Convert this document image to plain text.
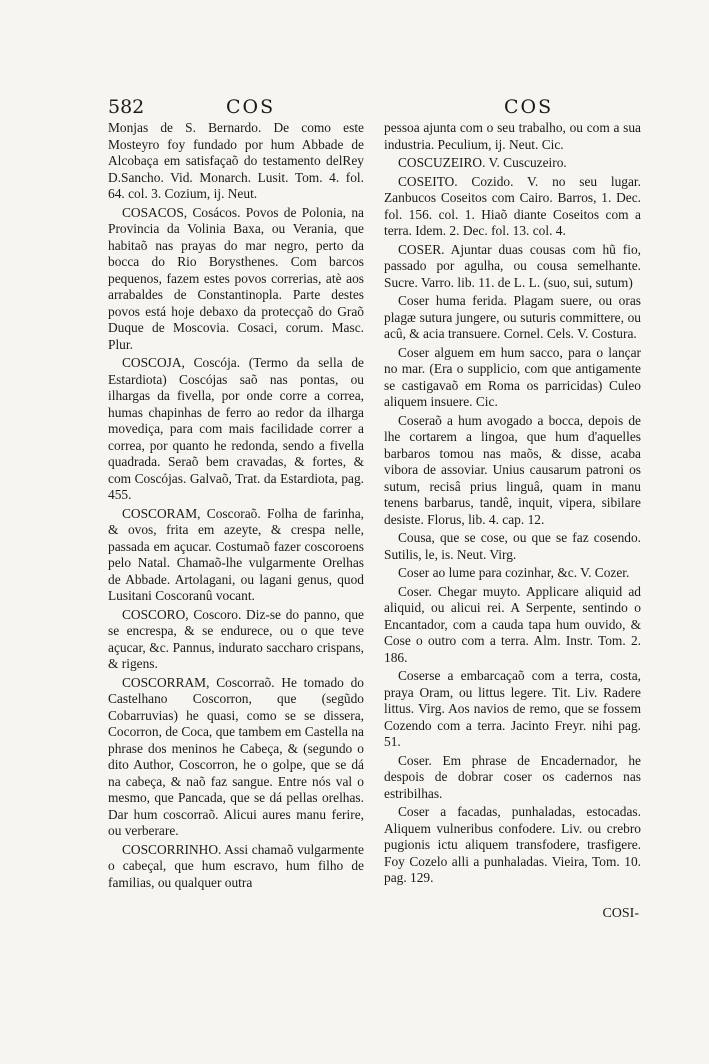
582	COS	COS

Monjas de S. Bernardo. De como este Mosteyro foy fundado por hum Abbade de Alcobaça em satisfaçaõ do testamento delRey D.Sancho. Vid. Monarch. Lusit. Tom. 4. fol. 64. col. 3. Cozium, ij. Neut.

COSACOS, Cosácos. Povos de Polonia, na Provincia da Volinia Baxa, ou Verania, que habitaõ nas prayas do mar negro, perto da bocca do Rio Borysthenes. Com barcos pequenos, fazem estes povos correrias, atè aos arrabaldes de Constantinopla. Parte destes povos está hoje debaxo da protecçaõ do Graõ Duque de Moscovia. Cosaci, corum. Masc. Plur.

COSCOJA, Coscója. (Termo da sella de Estardiota) Coscójas saõ nas pontas, ou ilhargas da fivella, por onde corre a correa, humas chapinhas de ferro ao redor da ilharga movediça, para com mais facilidade correr a correa, por quanto he redonda, sendo a fivella quadrada. Seraõ bem cravadas, & fortes, & com Coscójas. Galvaõ, Trat. da Estardiota, pag. 455.

COSCORAM, Coscoraõ. Folha de farinha, & ovos, frita em azeyte, & crespa nelle, passada em açucar. Costumaõ fazer coscoroens pelo Natal. Chamaõ-lhe vulgarmente Orelhas de Abbade. Artolagani, ou lagani genus, quod Lusitani Coscoranû vocant.

COSCORO, Coscoro. Diz-se do panno, que se encrespa, & se endurece, ou o que teve açucar, &c. Pannus, indurato saccharo crispans, & rigens.

COSCORRAM, Coscorraõ. He tomado do Castelhano Coscorron, que (segũdo Cobarruvias) he quasi, como se se dissera, Cocorron, de Coca, que tambem em Castella na phrase dos meninos he Cabeça, & (segundo o dito Author, Coscorron, he o golpe, que se dá na cabeça, & naõ faz sangue. Entre nós val o mesmo, que Pancada, que se dá pellas orelhas. Dar hum coscorraõ. Alicui aures manu ferire, ou verberare.

COSCORRINHO. Assi chamaõ vulgarmente o cabeçal, que hum escravo, hum filho de familias, ou qualquer outra

pessoa ajunta com o seu trabalho, ou com a sua industria. Peculium, ij. Neut. Cic.

COSCUZEIRO. V. Cuscuzeiro.

COSEITO. Cozido. V. no seu lugar. Zanbucos Coseitos com Cairo. Barros, 1. Dec. fol. 156. col. 1. Hiaõ diante Coseitos com a terra. Idem. 2. Dec. fol. 13. col. 4.

COSER. Ajuntar duas cousas com hũ fio, passado por agulha, ou cousa semelhante. Sucre. Varro. lib. 11. de L. L. (suo, sui, sutum)

Coser huma ferida. Plagam suere, ou oras plagæ sutura jungere, ou suturis committere, ou acû, & acia transuere. Cornel. Cels. V. Costura.

Coser alguem em hum sacco, para o lançar no mar. (Era o supplicio, com que antigamente se castigavaõ em Roma os parricidas) Culeo aliquem insuere. Cic.

Coseraõ a hum avogado a bocca, depois de lhe cortarem a lingoa, que hum d'aquelles barbaros tomou nas maõs, & disse, acaba vibora de assoviar. Unius causarum patroni os sutum, recisâ prius linguâ, quam in manu tenens barbarus, tandê, inquit, vipera, sibilare desiste. Florus, lib. 4. cap. 12.

Cousa, que se cose, ou que se faz cosendo. Sutilis, le, is. Neut. Virg.

Coser ao lume para cozinhar, &c. V. Cozer.

Coser. Chegar muyto. Applicare aliquid ad aliquid, ou alicui rei. A Serpente, sentindo o Encantador, com a cauda tapa hum ouvido, & Cose o outro com a terra. Alm. Instr. Tom. 2. 186.

Coserse a embarcaçaõ com a terra, costa, praya Oram, ou littus legere. Tit. Liv. Radere littus. Virg. Aos navios de remo, que se fossem Cozendo com a terra. Jacinto Freyr. nihi pag. 51.

Coser. Em phrase de Encadernador, he despois de dobrar coser os cadernos nas estribilhas.

Coser a facadas, punhaladas, estocadas. Aliquem vulneribus confodere. Liv. ou crebro pugionis ictu aliquem transfodere, trasfigere. Foy Cozelo alli a punhaladas. Vieira, Tom. 10. pag. 129.

COSI-
